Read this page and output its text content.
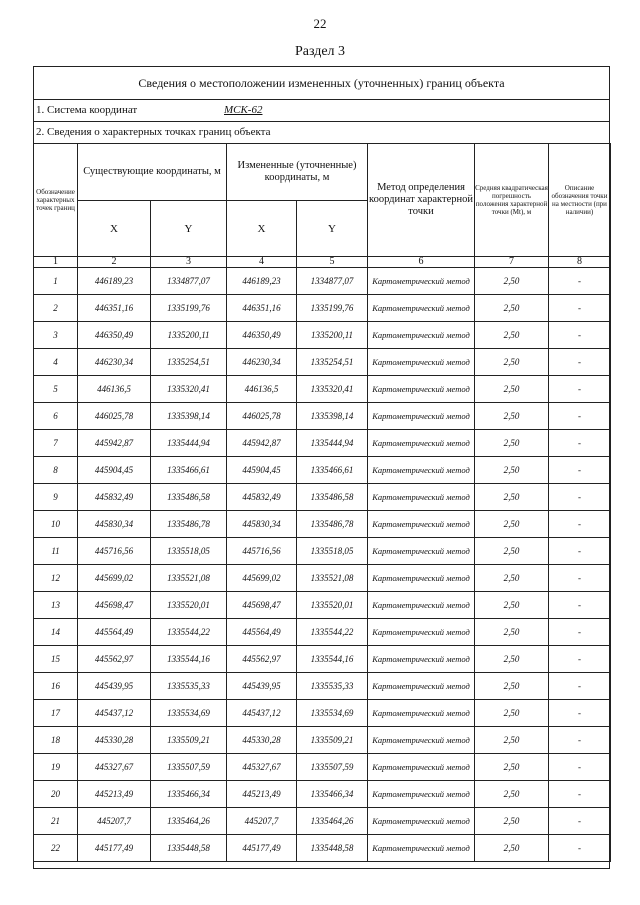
22
Раздел 3
Сведения о местоположении измененных (уточненных) границ объекта
1. Система координат	МСК-62
2. Сведения о характерных точках границ объекта
Обозначение характерных точек границ	Существующие координаты, м		Измененные (уточненные) координаты, м		Метод определения координат характерной точки	Средняя квадратическая погрешность положения характерной точки (Mt), м	Описание обозначения точки на местности (при наличии)
	X	Y	X	Y			
1	2	3	4	5	6	7	8
1	446189,23	1334877,07	446189,23	1334877,07	Картометрический метод	2,50	-
2	446351,16	1335199,76	446351,16	1335199,76	Картометрический метод	2,50	-
3	446350,49	1335200,11	446350,49	1335200,11	Картометрический метод	2,50	-
4	446230,34	1335254,51	446230,34	1335254,51	Картометрический метод	2,50	-
5	446136,5	1335320,41	446136,5	1335320,41	Картометрический метод	2,50	-
6	446025,78	1335398,14	446025,78	1335398,14	Картометрический метод	2,50	-
7	445942,87	1335444,94	445942,87	1335444,94	Картометрический метод	2,50	-
8	445904,45	1335466,61	445904,45	1335466,61	Картометрический метод	2,50	-
9	445832,49	1335486,58	445832,49	1335486,58	Картометрический метод	2,50	-
10	445830,34	1335486,78	445830,34	1335486,78	Картометрический метод	2,50	-
11	445716,56	1335518,05	445716,56	1335518,05	Картометрический метод	2,50	-
12	445699,02	1335521,08	445699,02	1335521,08	Картометрический метод	2,50	-
13	445698,47	1335520,01	445698,47	1335520,01	Картометрический метод	2,50	-
14	445564,49	1335544,22	445564,49	1335544,22	Картометрический метод	2,50	-
15	445562,97	1335544,16	445562,97	1335544,16	Картометрический метод	2,50	-
16	445439,95	1335535,33	445439,95	1335535,33	Картометрический метод	2,50	-
17	445437,12	1335534,69	445437,12	1335534,69	Картометрический метод	2,50	-
18	445330,28	1335509,21	445330,28	1335509,21	Картометрический метод	2,50	-
19	445327,67	1335507,59	445327,67	1335507,59	Картометрический метод	2,50	-
20	445213,49	1335466,34	445213,49	1335466,34	Картометрический метод	2,50	-
21	445207,7	1335464,26	445207,7	1335464,26	Картометрический метод	2,50	-
22	445177,49	1335448,58	445177,49	1335448,58	Картометрический метод	2,50	-
